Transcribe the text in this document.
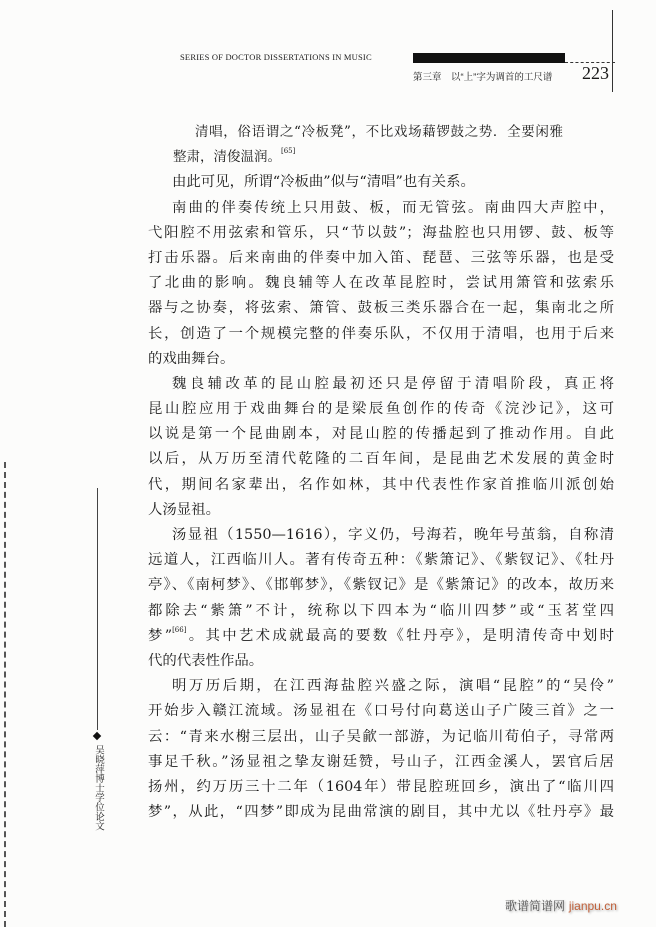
SERIES OF DOCTOR DISSERTATIONS IN MUSIC
第三章　以“上”字为调首的工尺谱 223
清唱，俗语谓之“冷板凳”，不比戏场藉锣鼓之势．全要闲雅
整肃，清俊温润。[65]
由此可见，所谓“冷板曲”似与“清唱”也有关系。
南曲的伴奏传统上只用鼓、板，而无管弦。南曲四大声腔中，
弋阳腔不用弦索和管乐，只“节以鼓”；海盐腔也只用锣、鼓、板等
打击乐器。后来南曲的伴奏中加入笛、琵琶、三弦等乐器，也是受
了北曲的影响。魏良辅等人在改革昆腔时，尝试用箫管和弦索乐
器与之协奏，将弦索、箫管、鼓板三类乐器合在一起，集南北之所
长，创造了一个规模完整的伴奏乐队，不仅用于清唱，也用于后来
的戏曲舞台。
魏良辅改革的昆山腔最初还只是停留于清唱阶段，真正将
昆山腔应用于戏曲舞台的是梁辰鱼创作的传奇《浣沙记》，这可
以说是第一个昆曲剧本，对昆山腔的传播起到了推动作用。自此
以后，从万历至清代乾隆的二百年间，是昆曲艺术发展的黄金时
代，期间名家辈出，名作如林，其中代表性作家首推临川派创始
人汤显祖。
汤显祖（1550—1616），字义仍，号海若，晚年号茧翁，自称清
远道人，江西临川人。著有传奇五种：《紫箫记》、《紫钗记》、《牡丹
亭》、《南柯梦》、《邯郸梦》，《紫钗记》是《紫箫记》的改本，故历来
都除去“紫箫”不计，统称以下四本为“临川四梦”或“玉茗堂四
梦”[66]。其中艺术成就最高的要数《牡丹亭》，是明清传奇中划时
代的代表性作品。
明万历后期，在江西海盐腔兴盛之际，演唱“昆腔”的“吴伶”
开始步入赣江流域。汤显祖在《口号付向葛送山子广陵三首》之一
云：“青来水榭三层出，山子吴歈一部游，为记临川荀伯子，寻常两
事足千秋。”汤显祖之挚友谢廷赞，号山子，江西金溪人，罢官后居
扬州，约万历三十二年（1604年）带昆腔班回乡，演出了“临川四
梦”，从此，“四梦”即成为昆曲常演的剧目，其中尤以《牡丹亭》最
吴晓萍博士学位论文
歌谱简谱网 jianpu.cn
